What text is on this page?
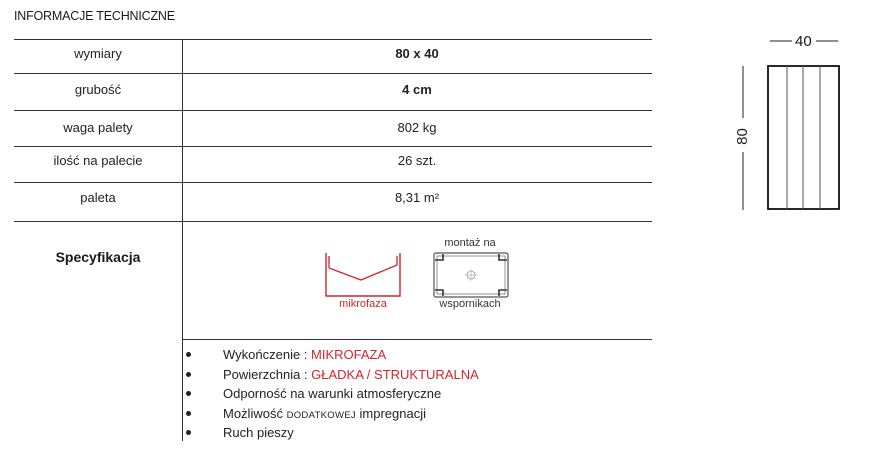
INFORMACJE TECHNICZNE
wymiary	80 x 40
grubość	4 cm
waga palety	802 kg
ilość na palecie	26 szt.
paleta	8,31 m²
Specyfikacja
mikrofaza
montaż na
wspornikach
Wykończenie : MIKROFAZA
Powierzchnia : GŁADKA / STRUKTURALNA
Odporność na warunki atmosferyczne
Możliwość DODATKOWEJ impregnacji
Ruch pieszy
40
80
